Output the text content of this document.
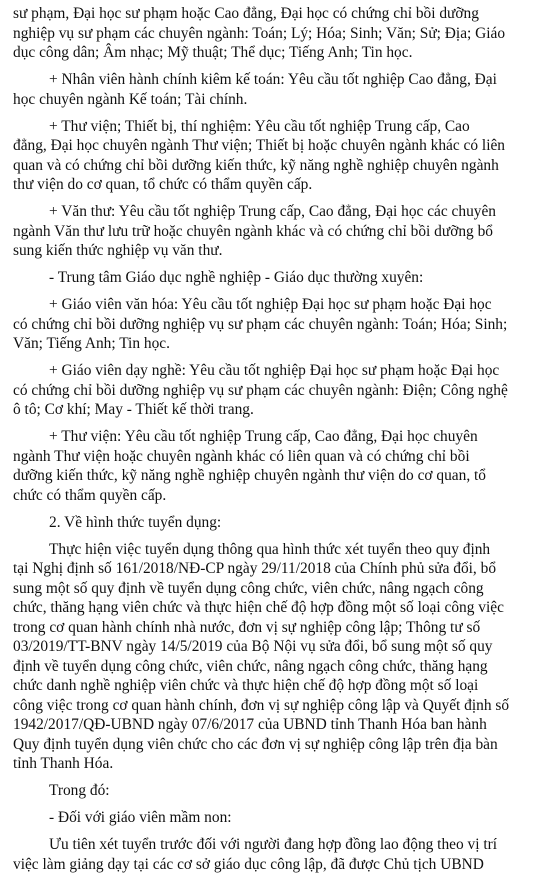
sư phạm, Đại học sư phạm hoặc Cao đẳng, Đại học có chứng chỉ bồi dưỡng
nghiệp vụ sư phạm các chuyên ngành: Toán; Lý; Hóa; Sinh; Văn; Sử; Địa; Giáo
dục công dân; Âm nhạc; Mỹ thuật; Thể dục; Tiếng Anh; Tin học.

+ Nhân viên hành chính kiêm kế toán: Yêu cầu tốt nghiệp Cao đẳng, Đại
học chuyên ngành Kế toán; Tài chính.

+ Thư viện; Thiết bị, thí nghiệm: Yêu cầu tốt nghiệp Trung cấp, Cao
đẳng, Đại học chuyên ngành Thư viện; Thiết bị hoặc chuyên ngành khác có liên
quan và có chứng chỉ bồi dưỡng kiến thức, kỹ năng nghề nghiệp chuyên ngành
thư viện do cơ quan, tổ chức có thẩm quyền cấp.

+ Văn thư: Yêu cầu tốt nghiệp Trung cấp, Cao đẳng, Đại học các chuyên
ngành Văn thư lưu trữ hoặc chuyên ngành khác và có chứng chỉ bồi dưỡng bổ
sung kiến thức nghiệp vụ văn thư.

- Trung tâm Giáo dục nghề nghiệp - Giáo dục thường xuyên:

+ Giáo viên văn hóa: Yêu cầu tốt nghiệp Đại học sư phạm hoặc Đại học
có chứng chỉ bồi dưỡng nghiệp vụ sư phạm các chuyên ngành: Toán; Hóa; Sinh;
Văn; Tiếng Anh; Tin học.

+ Giáo viên dạy nghề: Yêu cầu tốt nghiệp Đại học sư phạm hoặc Đại học
có chứng chỉ bồi dưỡng nghiệp vụ sư phạm các chuyên ngành: Điện; Công nghệ
ô tô; Cơ khí; May - Thiết kế thời trang.

+ Thư viện: Yêu cầu tốt nghiệp Trung cấp, Cao đẳng, Đại học chuyên
ngành Thư viện hoặc chuyên ngành khác có liên quan và có chứng chỉ bồi
dưỡng kiến thức, kỹ năng nghề nghiệp chuyên ngành thư viện do cơ quan, tổ
chức có thẩm quyền cấp.

2. Về hình thức tuyển dụng:

Thực hiện việc tuyển dụng thông qua hình thức xét tuyển theo quy định
tại Nghị định số 161/2018/NĐ-CP ngày 29/11/2018 của Chính phủ sửa đổi, bổ
sung một số quy định về tuyển dụng công chức, viên chức, nâng ngạch công
chức, thăng hạng viên chức và thực hiện chế độ hợp đồng một số loại công việc
trong cơ quan hành chính nhà nước, đơn vị sự nghiệp công lập; Thông tư số
03/2019/TT-BNV ngày 14/5/2019 của Bộ Nội vụ sửa đổi, bổ sung một số quy
định về tuyển dụng công chức, viên chức, nâng ngạch công chức, thăng hạng
chức danh nghề nghiệp viên chức và thực hiện chế độ hợp đồng một số loại
công việc trong cơ quan hành chính, đơn vị sự nghiệp công lập và Quyết định số
1942/2017/QĐ-UBND ngày 07/6/2017 của UBND tỉnh Thanh Hóa ban hành
Quy định tuyển dụng viên chức cho các đơn vị sự nghiệp công lập trên địa bàn
tỉnh Thanh Hóa.

Trong đó:

- Đối với giáo viên mầm non:

Ưu tiên xét tuyển trước đối với người đang hợp đồng lao động theo vị trí
việc làm giảng dạy tại các cơ sở giáo dục công lập, đã được Chủ tịch UBND
